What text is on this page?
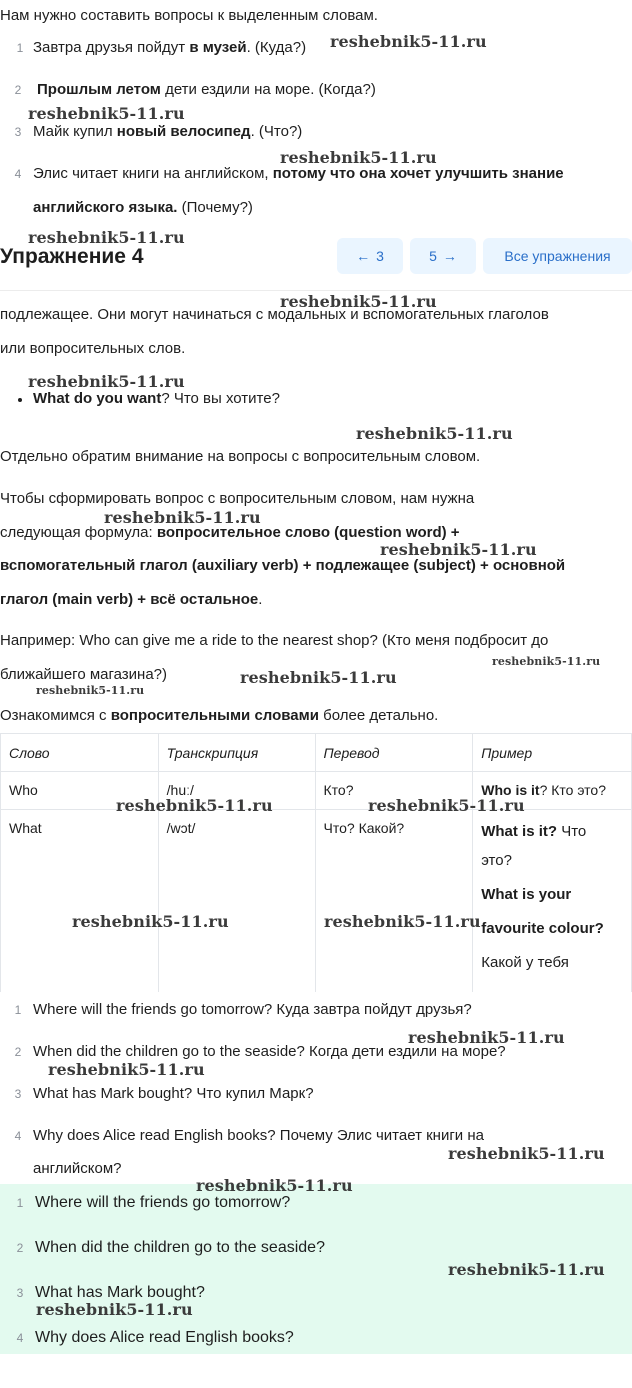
Нам нужно составить вопросы к выделенным словам.
1 Завтра друзья пойдут в музей. (Куда?)
2 Прошлым летом дети ездили на море. (Когда?)
3 Майк купил новый велосипед. (Что?)
4 Элис читает книги на английском, потому что она хочет улучшить знание
английского языка. (Почему?)
Упражнение 4	← 3	5 →	Все упражнения
подлежащее. Они могут начинаться с модальных и вспомогательных глаголов
или вопросительных слов.
What do you want? Что вы хотите?
Отдельно обратим внимание на вопросы с вопросительным словом.
Чтобы сформировать вопрос с вопросительным словом, нам нужна
следующая формула: вопросительное слово (question word) +
вспомогательный глагол (auxiliary verb) + подлежащее (subject) + основной
глагол (main verb) + всё остальное.
Например: Who can give me a ride to the nearest shop? (Кто меня подбросит до
ближайшего магазина?)
Ознакомимся с вопросительными словами более детально.
Слово	Транскрипция	Перевод	Пример
Who	/huː/	Кто?	Who is it? Кто это?
What	/wɔt/	Что? Какой?	What is it? Что
это?
What is your
favourite colour?
Какой у тебя
1 Where will the friends go tomorrow? Куда завтра пойдут друзья?
2 When did the children go to the seaside? Когда дети ездили на море?
3 What has Mark bought? Что купил Марк?
4 Why does Alice read English books? Почему Элис читает книги на
английском?
1 Where will the friends go tomorrow?
2 When did the children go to the seaside?
3 What has Mark bought?
4 Why does Alice read English books?
reshebnik5-11.ru
reshebnik5-11.ru
reshebnik5-11.ru
reshebnik5-11.ru
reshebnik5-11.ru
reshebnik5-11.ru
reshebnik5-11.ru
reshebnik5-11.ru
reshebnik5-11.ru
reshebnik5-11.ru
reshebnik5-11.ru
reshebnik5-11.ru
reshebnik5-11.ru	reshebnik5-11.ru
reshebnik5-11.ru	reshebnik5-11.ru
reshebnik5-11.ru
reshebnik5-11.ru
reshebnik5-11.ru
reshebnik5-11.ru
reshebnik5-11.ru
reshebnik5-11.ru
